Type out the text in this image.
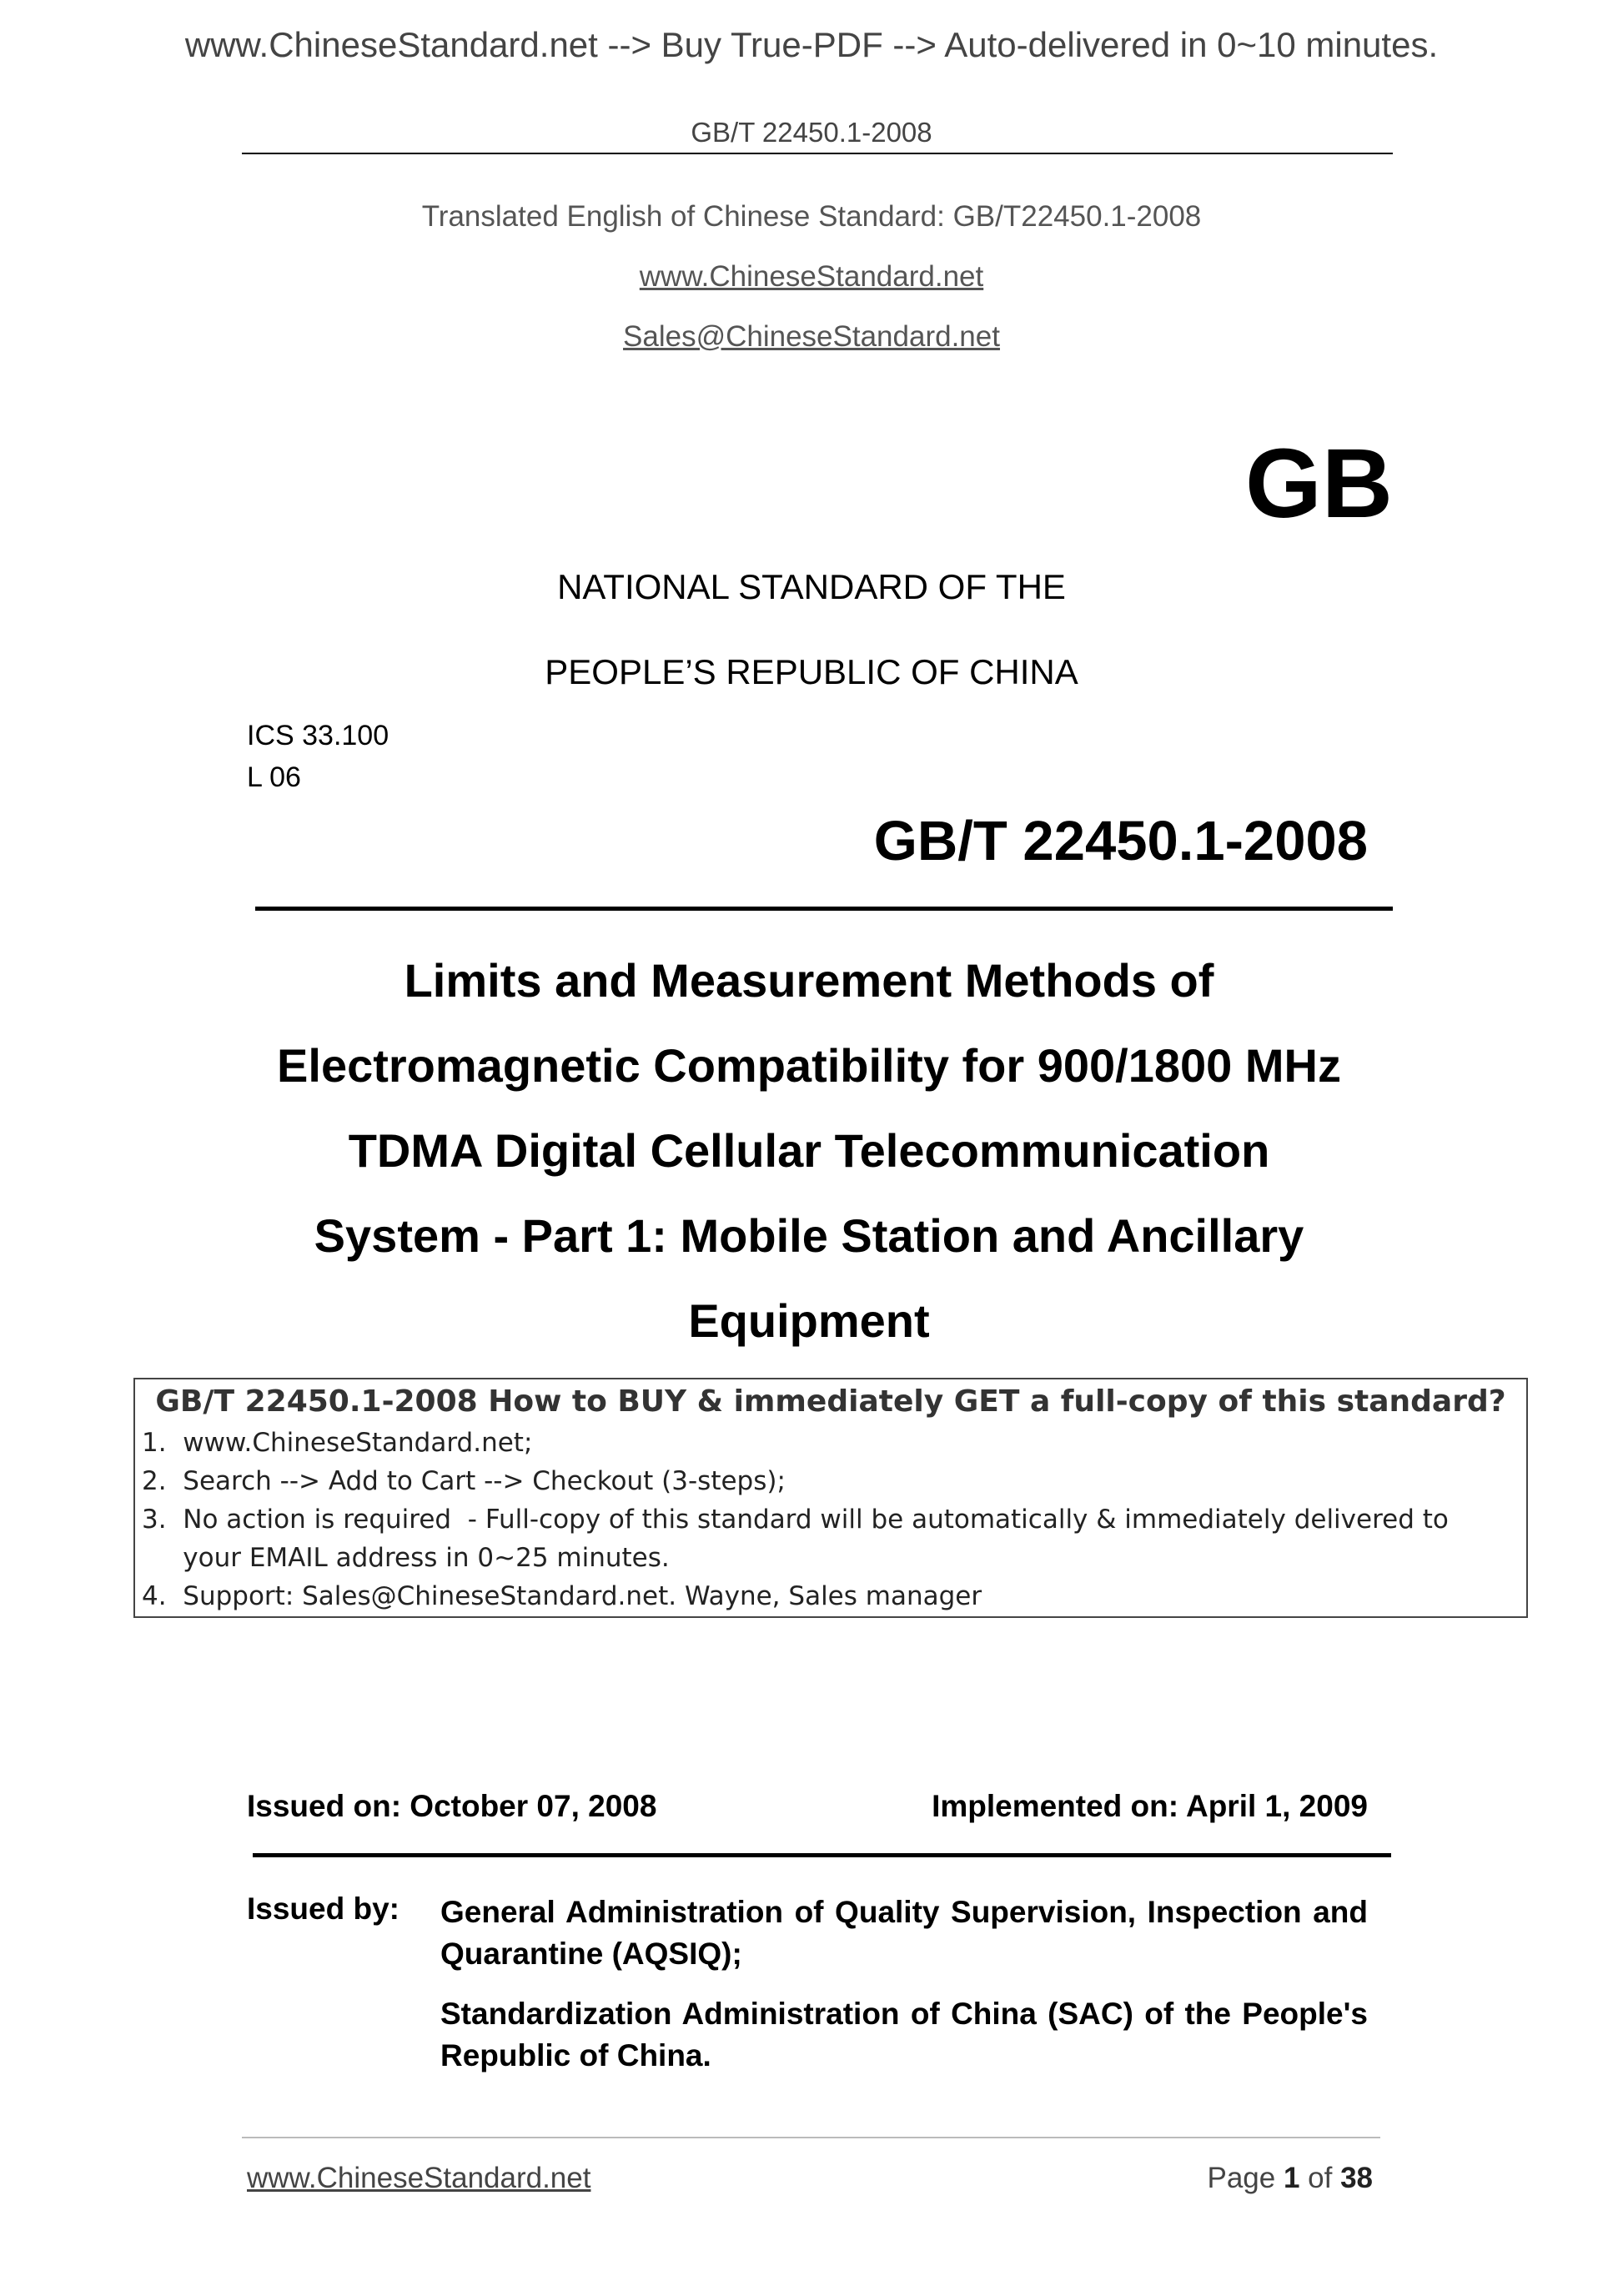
www.ChineseStandard.net --> Buy True-PDF --> Auto-delivered in 0~10 minutes.
GB/T 22450.1-2008
Translated English of Chinese Standard: GB/T22450.1-2008
www.ChineseStandard.net
Sales@ChineseStandard.net
GB
NATIONAL STANDARD OF THE
PEOPLE’S REPUBLIC OF CHINA
ICS 33.100
L 06
GB/T 22450.1-2008
Limits and Measurement Methods of
Electromagnetic Compatibility for 900/1800 MHz
TDMA Digital Cellular Telecommunication
System - Part 1: Mobile Station and Ancillary
Equipment
GB/T 22450.1-2008 How to BUY & immediately GET a full-copy of this standard?
1.  www.ChineseStandard.net;
2.  Search --> Add to Cart --> Checkout (3-steps);
3.  No action is required  - Full-copy of this standard will be automatically & immediately delivered to
your EMAIL address in 0~25 minutes.
4.  Support: Sales@ChineseStandard.net. Wayne, Sales manager
Issued on: October 07, 2008	Implemented on: April 1, 2009
Issued by: General Administration of Quality Supervision, Inspection and Quarantine (AQSIQ);
Standardization Administration of China (SAC) of the People's Republic of China.
www.ChineseStandard.net	Page 1 of 38
